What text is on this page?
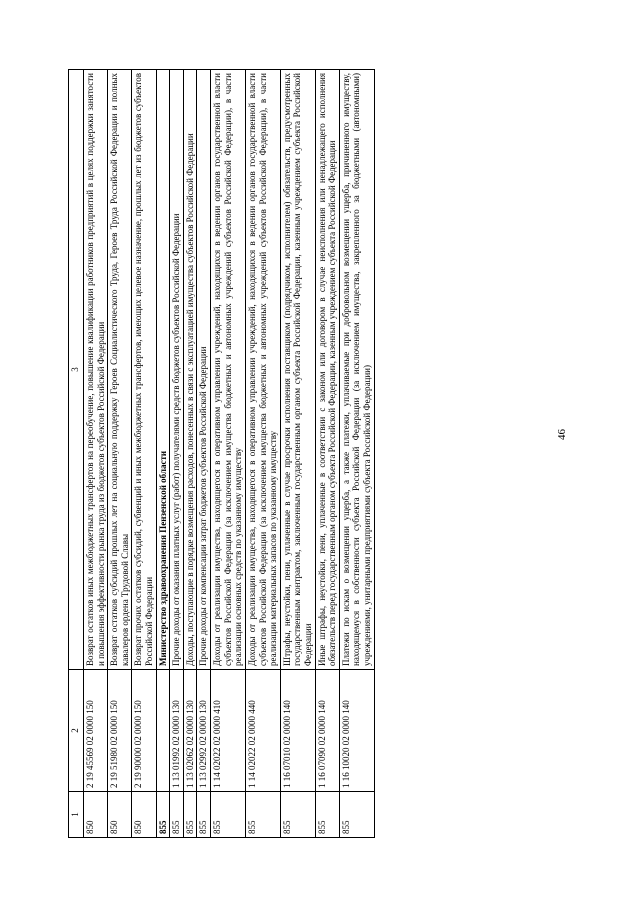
46
1	2	3
850	2 19 45569 02 0000 150	Возврат остатков иных межбюджетных трансфертов на переобучение, повышение квалификации работников предприятий в целях поддержки занятости и повышения эффективности рынка труда из бюджетов субъектов Российской Федерации
850	2 19 51980 02 0000 150	Возврат остатков субсидий прошлых лет на социальную поддержку Героев Социалистического Труда, Героев Труда Российской Федерации и полных кавалеров ордена Трудовой Славы
850	2 19 90000 02 0000 150	Возврат прочих остатков субсидий, субвенций и иных межбюджетных трансфертов, имеющих целевое назначение, прошлых лет из бюджетов субъектов Российской Федерации
855		Министерство здравоохранения Пензенской области
855	1 13 01992 02 0000 130	Прочие доходы от оказания платных услуг (работ) получателями средств бюджетов субъектов Российской Федерации
855	1 13 02062 02 0000 130	Доходы, поступающие в порядке возмещения расходов, понесенных в связи с эксплуатацией имущества субъектов Российской Федерации
855	1 13 02992 02 0000 130	Прочие доходы от компенсации затрат бюджетов субъектов Российской Федерации
855	1 14 02022 02 0000 410	Доходы от реализации имущества, находящегося в оперативном управлении учреждений, находящихся в ведении органов государственной власти субъектов Российской Федерации (за исключением имущества бюджетных и автономных учреждений субъектов Российской Федерации), в части реализации основных средств по указанному имуществу
855	1 14 02022 02 0000 440	Доходы от реализации имущества, находящегося в оперативном управлении учреждений, находящихся в ведении органов государственной власти субъектов Российской Федерации (за исключением имущества бюджетных и автономных учреждений субъектов Российской Федерации), в части реализации материальных запасов по указанному имуществу
855	1 16 07010 02 0000 140	Штрафы, неустойки, пени, уплаченные в случае просрочки исполнения поставщиком (подрядчиком, исполнителем) обязательств, предусмотренных государственным контрактом, заключенным государственным органом субъекта Российской Федерации, казенным учреждением субъекта Российской Федерации
855	1 16 07090 02 0000 140	Иные штрафы, неустойки, пени, уплаченные в соответствии с законом или договором в случае неисполнения или ненадлежащего исполнения обязательств перед государственным органом субъекта Российской Федерации, казенным учреждением субъекта Российской Федерации
855	1 16 10020 02 0000 140	Платежи по искам о возмещении ущерба, а также платежи, уплачиваемые при добровольном возмещении ущерба, причиненного имуществу, находящемуся в собственности субъекта Российской Федерации (за исключением имущества, закрепленного за бюджетными (автономными) учреждениями, унитарными предприятиями субъекта Российской Федерации)
